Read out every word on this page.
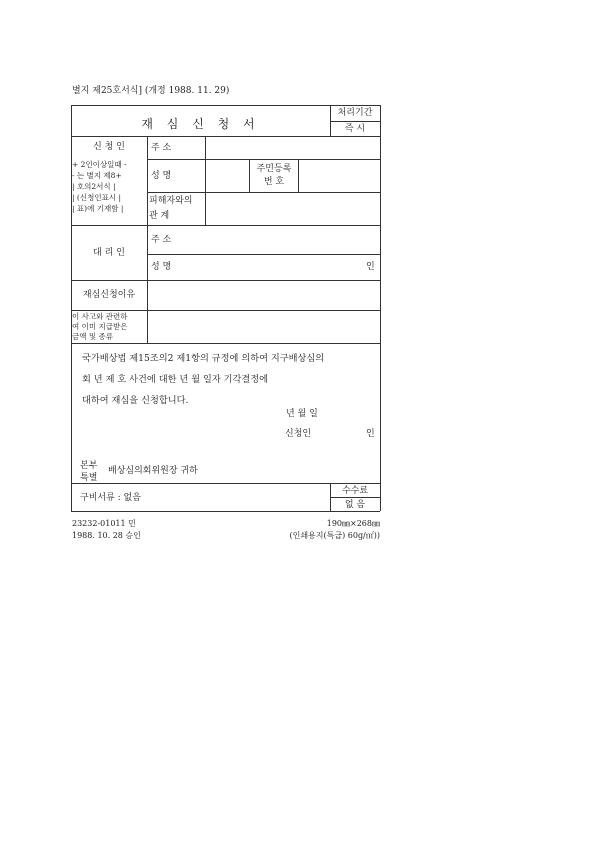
별지 제25호서식] (개정 1988. 11. 29)
재 심 신 청 서
처리기간
즉 시
신 청 인
+ 2인이상일때 -
- 는 별지 제8+
| 호의2서식 |
| (신청인표시 |
| 표)에 기재함 |
주 소
성 명
주민등록
번 호
피해자와의
관 계
대 리 인
주 소
성 명	인
재심신청이유
이 사고와 관련하
여 이미 지급받은
금액 및 종류
국가배상법 제15조의2 제1항의 규정에 의하여 지구배상심의
회 년 제 호 사건에 대한 년 월 일자 기각결정에
대하여 재심을 신청합니다.
년 월 일
신청인	인
본부
특별
배상심의회위원장 귀하
구비서류 : 없음
수수료
없 음
23232-01011 민
1988. 10. 28 승인
190㎜×268㎜
(인쇄용지(특급) 60g/㎡))
